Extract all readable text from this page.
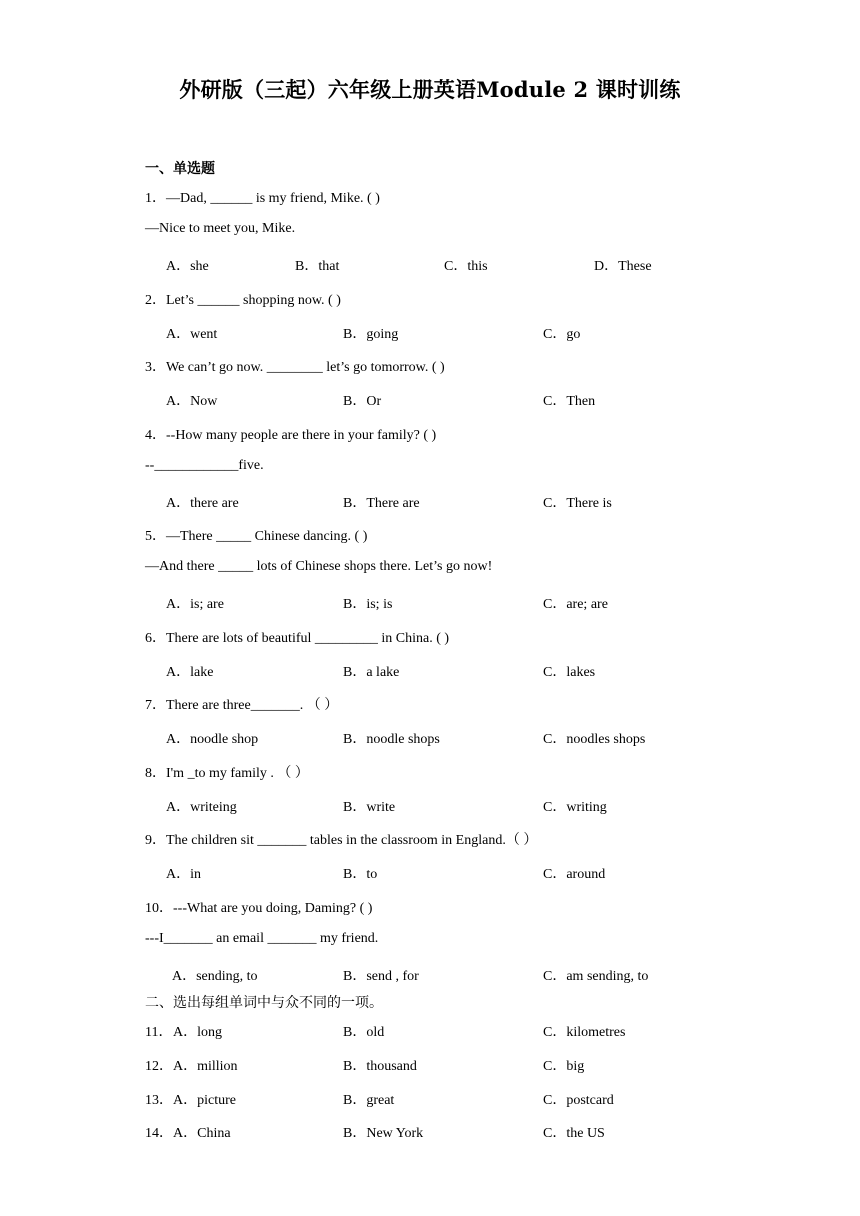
外研版（三起）六年级上册英语Module 2 课时训练
一、单选题
1．—Dad, ______ is my friend, Mike. ( )
—Nice to meet you, Mike.
A．she	B．that	C．this	D．These
2．Let’s ______ shopping now. ( )
A．went	B．going	C．go
3．We can’t go now. ________ let’s go tomorrow. ( )
A．Now	B．Or	C．Then
4．--How many people are there in your family? ( )
--____________five.
A．there are	B．There are	C．There is
5．—There _____ Chinese dancing. ( )
—And there _____ lots of Chinese shops there. Let’s go now!
A．is; are	B．is; is	C．are; are
6．There are lots of beautiful _________ in China. ( )
A．lake	B．a lake	C．lakes
7．There are three_______. （ ）
A．noodle shop	B．noodle shops	C．noodles shops
8．I'm _to my family . （ ）
A．writeing	B．write	C．writing
9．The children sit _______ tables in the classroom in England.（ ）
A．in	B．to	C．around
10．---What are you doing, Daming? ( )
---I_______ an email _______ my friend.
A．sending, to	B．send , for	C．am sending, to
二、选出每组单词中与众不同的一项。
11． A．long	B．old	C．kilometres
12． A．million	B．thousand	C．big
13． A．picture	B．great	C．postcard
14． A．China	B．New York	C．the US
